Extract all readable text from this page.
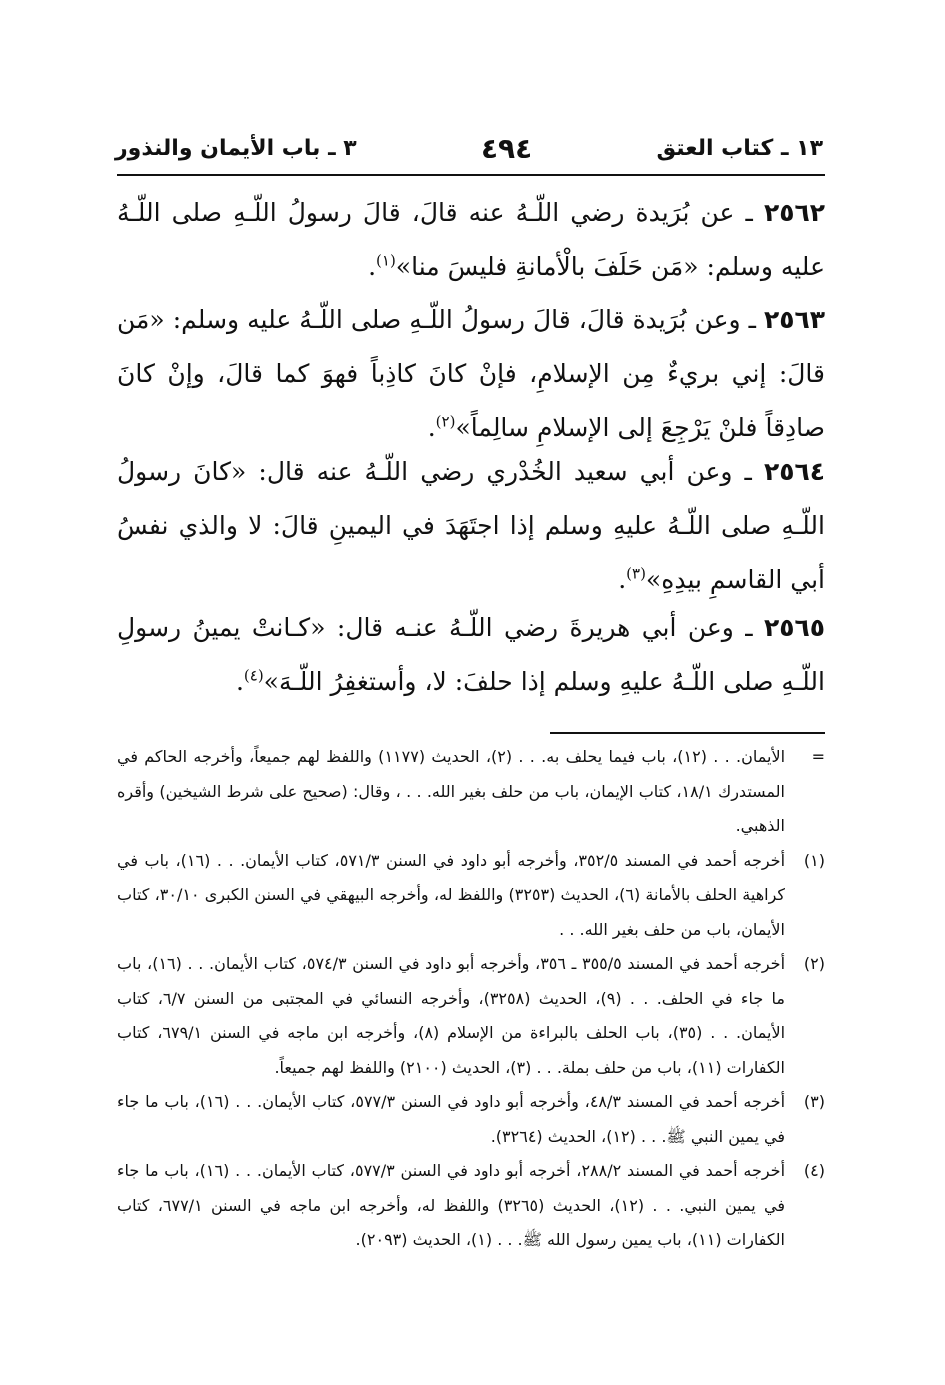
١٣ ـ كتاب العتق
٤٩٤
٣ ـ باب الأيمان والنذور

٢٥٦٢ ـ عن بُرَيدة رضي اللّـهُ عنه قالَ، قالَ رسولُ اللّـهِ صلى اللّـهُ عليه وسلم: «مَن حَلَفَ بالْأمانةِ فليسَ منا»$^{(١)}$.

٢٥٦٣ ـ وعن بُرَيدة قالَ، قالَ رسولُ اللّـهِ صلى اللّـهُ عليه وسلم: «مَن قالَ: إني بريءٌ مِن الإسلامِ، فإنْ كانَ كاذِباً فهوَ كما قالَ، وإنْ كانَ صادِقاً فلنْ يَرْجِعَ إلى الإسلامِ سالِماً»$^{(٢)}$.

٢٥٦٤ ـ وعن أبي سعيد الخُدْري رضي اللّـهُ عنه قال: «كانَ رسولُ اللّـهِ صلى اللّـهُ عليهِ وسلم إذا اجتَهَدَ في اليمينِ قالَ: لا والذي نفسُ أبي القاسمِ بيدِهِ»$^{(٣)}$.

٢٥٦٥ ـ وعن أبي هريرةَ رضي اللّـهُ عنـه قال: «كـانتْ يمينُ رسولِ اللّـهِ صلى اللّـهُ عليهِ وسلم إذا حلفَ: لا، وأستغفِرُ اللّـهَ»$^{(٤)}$.

=
الأيمان. . . (١٢)، باب فيما يحلف به. . . (٢)، الحديث (١١٧٧) واللفظ لهم جميعاً، وأخرجه الحاكم في المستدرك ١٨/١، كتاب الإيمان، باب من حلف بغير الله. . . ، وقال: (صحيح على شرط الشيخين) وأقره الذهبي.
(١)
أخرجه أحمد في المسند ٣٥٢/٥، وأخرجه أبو داود في السنن ٥٧١/٣، كتاب الأيمان. . . (١٦)، باب في كراهية الحلف بالأمانة (٦)، الحديث (٣٢٥٣) واللفظ له، وأخرجه البيهقي في السنن الكبرى ٣٠/١٠، كتاب الأيمان، باب من حلف بغير الله. . .
(٢)
أخرجه أحمد في المسند ٣٥٥/٥ ـ ٣٥٦، وأخرجه أبو داود في السنن ٥٧٤/٣، كتاب الأيمان. . . (١٦)، باب ما جاء في الحلف. . . (٩)، الحديث (٣٢٥٨)، وأخرجه النسائي في المجتبى من السنن ٦/٧، كتاب الأيمان. . . (٣٥)، باب الحلف بالبراءة من الإسلام (٨)، وأخرجه ابن ماجه في السنن ٦٧٩/١، كتاب الكفارات (١١)، باب من حلف بملة. . . (٣)، الحديث (٢١٠٠) واللفظ لهم جميعاً.
(٣)
أخرجه أحمد في المسند ٤٨/٣، وأخرجه أبو داود في السنن ٥٧٧/٣، كتاب الأيمان. . . (١٦)، باب ما جاء في يمين النبي ﷺ. . . (١٢)، الحديث (٣٢٦٤).
(٤)
أخرجه أحمد في المسند ٢٨٨/٢، أخرجه أبو داود في السنن ٥٧٧/٣، كتاب الأيمان. . . (١٦)، باب ما جاء في يمين النبي. . . (١٢)، الحديث (٣٢٦٥) واللفظ له، وأخرجه ابن ماجه في السنن ٦٧٧/١، كتاب الكفارات (١١)، باب يمين رسول الله ﷺ. . . (١)، الحديث (٢٠٩٣).
